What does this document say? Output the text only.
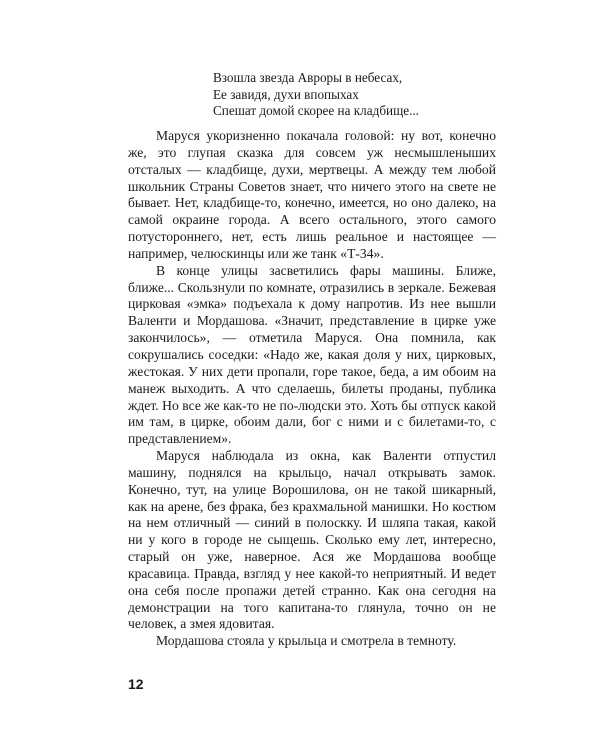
Взошла звезда Авроры в небесах,
Ее завидя, духи впопыхах
Спешат домой скорее на кладбище...

Маруся укоризненно покачала головой: ну вот, конечно же, это глупая сказка для совсем уж несмышленыших отсталых — кладбище, духи, мертвецы. А между тем любой школьник Страны Советов знает, что ничего этого на свете не бывает. Нет, кладбище-то, конечно, имеется, но оно далеко, на самой окраине города. А всего остального, этого самого потустороннего, нет, есть лишь реальное и настоящее — например, челюскинцы или же танк «Т-34».

В конце улицы засветились фары машины. Ближе, ближе... Скользнули по комнате, отразились в зеркале. Бежевая цирковая «эмка» подъехала к дому напротив. Из нее вышли Валенти и Мордашова. «Значит, представление в цирке уже закончилось», — отметила Маруся. Она помнила, как сокрушались соседки: «Надо же, какая доля у них, цирковых, жестокая. У них дети пропали, горе такое, беда, а им обоим на манеж выходить. А что сделаешь, билеты проданы, публика ждет. Но все же как-то не по-людски это. Хоть бы отпуск какой им там, в цирке, обоим дали, бог с ними и с билетами-то, с представлением».

Маруся наблюдала из окна, как Валенти отпустил машину, поднялся на крыльцо, начал открывать замок. Конечно, тут, на улице Ворошилова, он не такой шикарный, как на арене, без фрака, без крахмальной манишки. Но костюм на нем отличный — синий в полоскку. И шляпа такая, какой ни у кого в городе не сыщешь. Сколько ему лет, интересно, старый он уже, наверное. Ася же Мордашова вообще красавица. Правда, взгляд у нее какой-то неприятный. И ведет она себя после пропажи детей странно. Как она сегодня на демонстрации на того капитана-то глянула, точно он не человек, а змея ядовитая.

Мордашова стояла у крыльца и смотрела в темноту.

12
